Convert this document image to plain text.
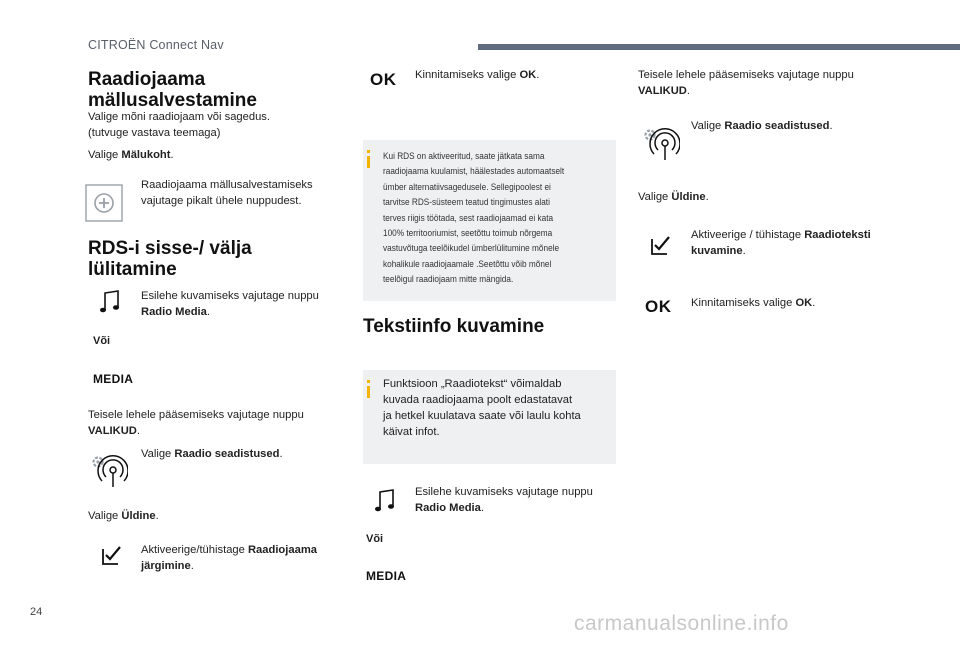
CITROËN Connect Nav
Raadiojaama
mällusalvestamine
Valige mõni raadiojaam või sagedus.
(tutvuge vastava teemaga)
Valige Mälukoht.
Raadiojaama mällusalvestamiseks
vajutage pikalt ühele nuppudest.
RDS-i sisse-/ välja
lülitamine
Esilehe kuvamiseks vajutage nuppu
Radio Media.
Või
MEDIA
Teisele lehele pääsemiseks vajutage nuppu
VALIKUD.
Valige Raadio seadistused.
Valige Üldine.
Aktiveerige/tühistage Raadiojaama
järgimine.
OK Kinnitamiseks valige OK.
Kui RDS on aktiveeritud, saate jätkata sama
raadiojaama kuulamist, häälestades automaatselt
ümber alternatiivsagedusele. Sellegipoolest ei
tarvitse RDS-süsteem teatud tingimustes alati
terves riigis töötada, sest raadiojaamad ei kata
100% territooriumist, seetõttu toimub nõrgema
vastuvõtuga teelõikudel ümberlülitumine mõnele
kohalikule raadiojaamale .Seetõttu võib mõnel
teelõigul raadiojaam mitte mängida.
Tekstiinfo kuvamine
Funktsioon „Raadiotekst“ võimaldab
kuvada raadiojaama poolt edastatavat
ja hetkel kuulatava saate või laulu kohta
käivat infot.
Esilehe kuvamiseks vajutage nuppu
Radio Media.
Või
MEDIA
Teisele lehele pääsemiseks vajutage nuppu
VALIKUD.
Valige Raadio seadistused.
Valige Üldine.
Aktiveerige / tühistage Raadioteksti
kuvamine.
OK Kinnitamiseks valige OK.
24	carmanualsonline.info
